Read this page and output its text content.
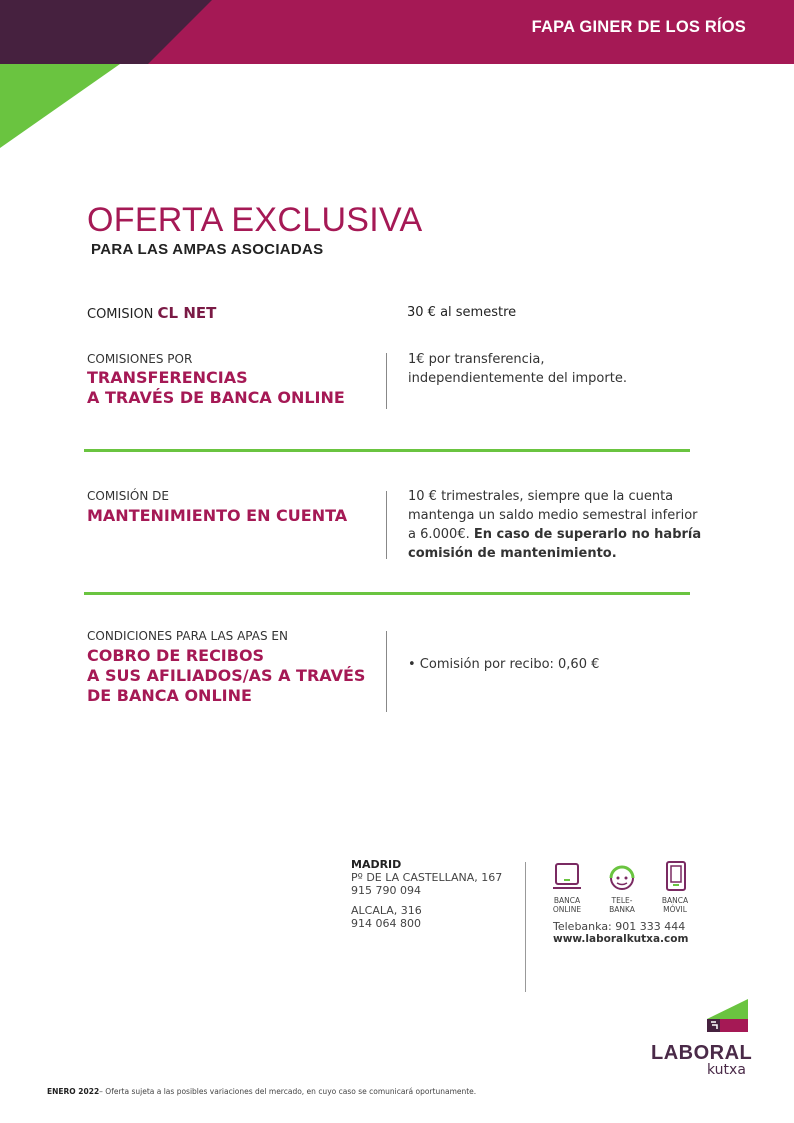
FAPA GINER DE LOS RÍOS
OFERTA EXCLUSIVA
PARA LAS AMPAS ASOCIADAS
COMISION CL NET	30 € al semestre
COMISIONES POR
TRANSFERENCIAS
A TRAVÉS DE BANCA ONLINE
1€ por transferencia,
independientemente del importe.
COMISIÓN DE
MANTENIMIENTO EN CUENTA
10 € trimestrales, siempre que la cuenta
mantenga un saldo medio semestral inferior
a 6.000€. En caso de superarlo no habría
comisión de mantenimiento.
CONDICIONES PARA LAS APAS EN
COBRO DE RECIBOS
A SUS AFILIADOS/AS A TRAVÉS
DE BANCA ONLINE
• Comisión por recibo: 0,60 €
MADRID
Pº DE LA CASTELLANA, 167
915 790 094
ALCALA, 316
914 064 800
BANCA
ONLINE
TELE-
BANKA
BANCA
MÓVIL
Telebanka: 901 333 444
www.laboralkutxa.com
LABORAL
kutxa
ENERO 2022– Oferta sujeta a las posibles variaciones del mercado, en cuyo caso se comunicará oportunamente.
